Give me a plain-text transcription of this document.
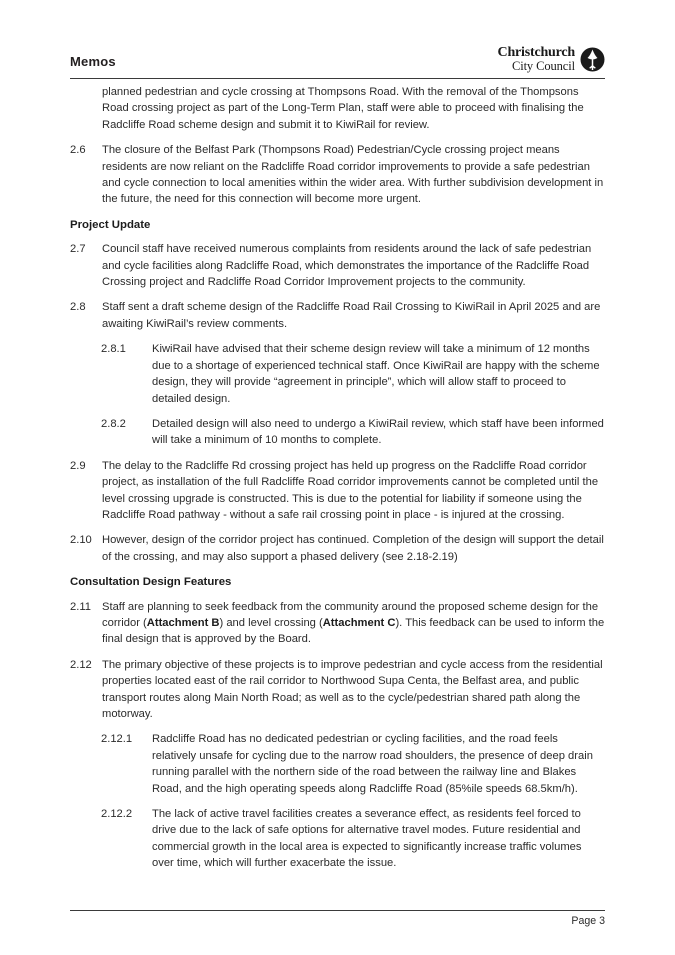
Memos
Christchurch
City Council
planned pedestrian and cycle crossing at Thompsons Road. With the removal of the Thompsons Road crossing project as part of the Long-Term Plan, staff were able to proceed with finalising the Radcliffe Road scheme design and submit it to KiwiRail for review.
2.6	The closure of the Belfast Park (Thompsons Road) Pedestrian/Cycle crossing project means residents are now reliant on the Radcliffe Road corridor improvements to provide a safe pedestrian and cycle connection to local amenities within the wider area. With further subdivision development in the future, the need for this connection will become more urgent.
Project Update
2.7	Council staff have received numerous complaints from residents around the lack of safe pedestrian and cycle facilities along Radcliffe Road, which demonstrates the importance of the Radcliffe Road Crossing project and Radcliffe Road Corridor Improvement projects to the community.
2.8	Staff sent a draft scheme design of the Radcliffe Road Rail Crossing to KiwiRail in April 2025 and are awaiting KiwiRail’s review comments.
2.8.1	KiwiRail have advised that their scheme design review will take a minimum of 12 months due to a shortage of experienced technical staff. Once KiwiRail are happy with the scheme design, they will provide “agreement in principle”, which will allow staff to proceed to detailed design.
2.8.2	Detailed design will also need to undergo a KiwiRail review, which staff have been informed will take a minimum of 10 months to complete.
2.9	The delay to the Radcliffe Rd crossing project has held up progress on the Radcliffe Road corridor project, as installation of the full Radcliffe Road corridor improvements cannot be completed until the level crossing upgrade is constructed. This is due to the potential for liability if someone using the Radcliffe Road pathway - without a safe rail crossing point in place - is injured at the crossing.
2.10 However, design of the corridor project has continued. Completion of the design will support the detail of the crossing, and may also support a phased delivery (see 2.18-2.19)
Consultation Design Features
2.11 Staff are planning to seek feedback from the community around the proposed scheme design for the corridor (Attachment B) and level crossing (Attachment C). This feedback can be used to inform the final design that is approved by the Board.
2.12 The primary objective of these projects is to improve pedestrian and cycle access from the residential properties located east of the rail corridor to Northwood Supa Centa, the Belfast area, and public transport routes along Main North Road; as well as to the cycle/pedestrian shared path along the motorway.
2.12.1	Radcliffe Road has no dedicated pedestrian or cycling facilities, and the road feels relatively unsafe for cycling due to the narrow road shoulders, the presence of deep drain running parallel with the northern side of the road between the railway line and Blakes Road, and the high operating speeds along Radcliffe Road (85%ile speeds 68.5km/h).
2.12.2	The lack of active travel facilities creates a severance effect, as residents feel forced to drive due to the lack of safe options for alternative travel modes. Future residential and commercial growth in the local area is expected to significantly increase traffic volumes over time, which will further exacerbate the issue.
Page 3
